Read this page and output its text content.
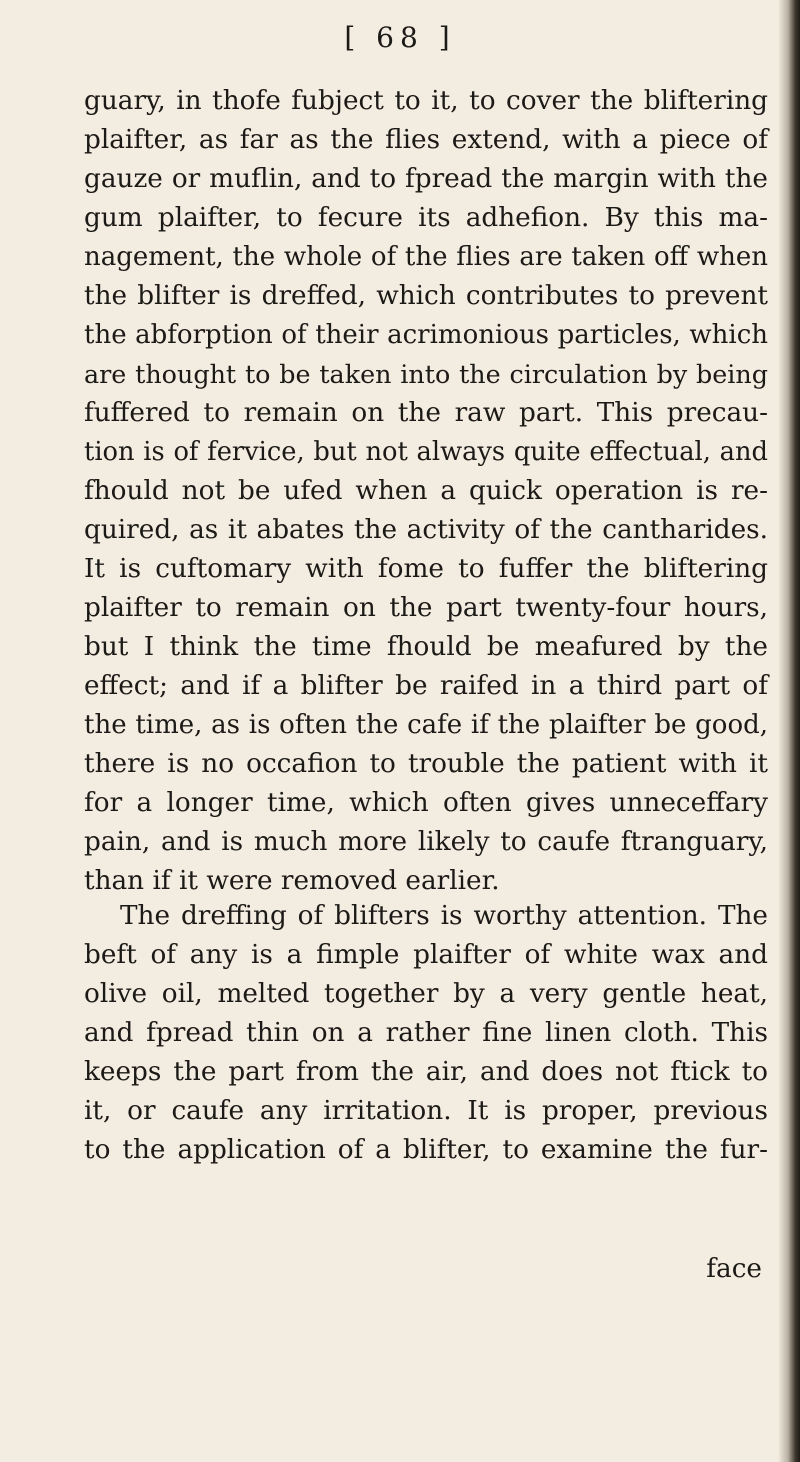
[ 68 ]
guary, in thofe fubject to it, to cover the bliftering
plaifter, as far as the flies extend, with a piece of
gauze or muflin, and to fpread the margin with the
gum plaifter, to fecure its adhefion. By this ma-
nagement, the whole of the flies are taken off when
the blifter is dreffed, which contributes to prevent
the abforption of their acrimonious particles, which
are thought to be taken into the circulation by being
fuffered to remain on the raw part. This precau-
tion is of fervice, but not always quite effectual, and
fhould not be ufed when a quick operation is re-
quired, as it abates the activity of the cantharides.
It is cuftomary with fome to fuffer the bliftering
plaifter to remain on the part twenty-four hours,
but I think the time fhould be meafured by the
effect; and if a blifter be raifed in a third part of
the time, as is often the cafe if the plaifter be good,
there is no occafion to trouble the patient with it
for a longer time, which often gives unneceffary
pain, and is much more likely to caufe ftranguary,
than if it were removed earlier.
The dreffing of blifters is worthy attention. The
beft of any is a fimple plaifter of white wax and
olive oil, melted together by a very gentle heat,
and fpread thin on a rather fine linen cloth. This
keeps the part from the air, and does not ftick to
it, or caufe any irritation. It is proper, previous
to the application of a blifter, to examine the fur-
face
